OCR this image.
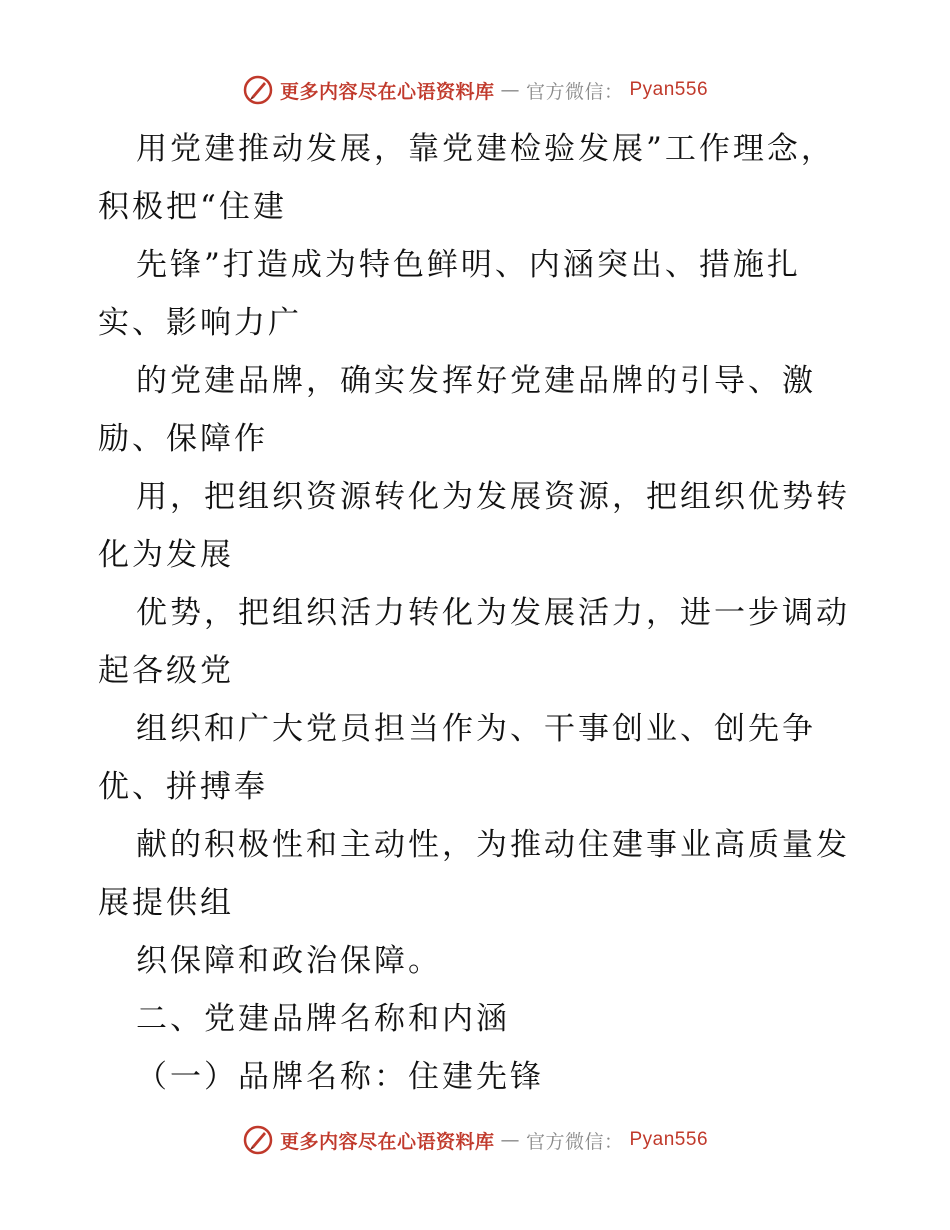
更多内容尽在心语资料库 — 官方微信： Pyan556
用党建推动发展，靠党建检验发展”工作理念，
积极把“住建
先锋”打造成为特色鲜明、内涵突出、措施扎
实、影响力广
的党建品牌，确实发挥好党建品牌的引导、激
励、保障作
用，把组织资源转化为发展资源，把组织优势转
化为发展
优势，把组织活力转化为发展活力，进一步调动
起各级党
组织和广大党员担当作为、干事创业、创先争
优、拼搏奉
献的积极性和主动性，为推动住建事业高质量发
展提供组
织保障和政治保障。
二、党建品牌名称和内涵
（一）品牌名称：住建先锋
更多内容尽在心语资料库 — 官方微信： Pyan556
